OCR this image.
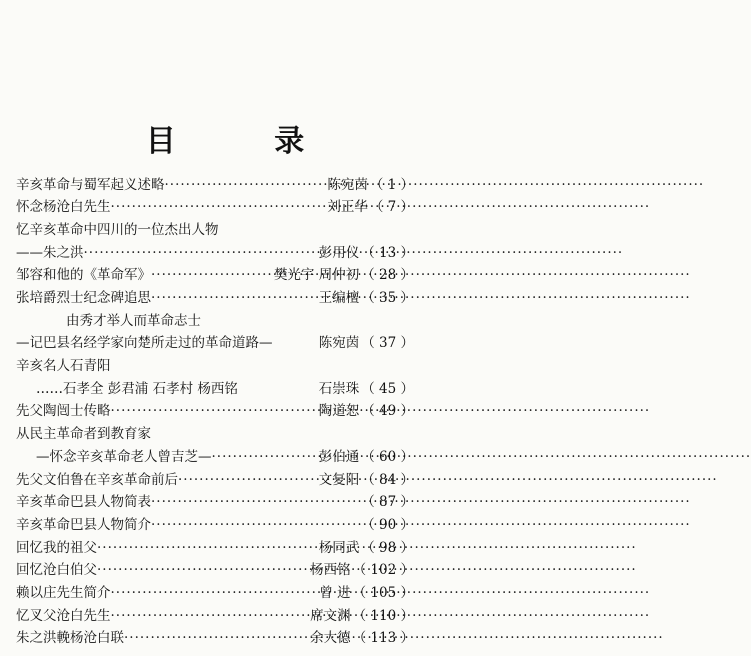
目 录
辛亥革命与蜀军起义述略 ·····	陈宛茵 （ 1 ）
怀念杨沧白先生 ·····	刘正华 （ 7 ）
忆辛亥革命中四川的一位杰出人物
——朱之洪 ·····	彭用仪 （ 13 ）
邹容和他的《革命军》 ·····	樊光宇 周仲初 （ 28 ）
张培爵烈士纪念碑追思 ·····	王编檀 （ 35 ）
由秀才举人而革命志士
—记巴县名经学家向楚所走过的革命道路—	陈宛茵 （ 37 ）
辛亥名人石青阳
……石孝全 彭君浦 石孝村 杨西铭	石崇珠 （ 45 ）
先父陶闿士传略 ·····	陶道恕 （ 49 ）
从民主革命者到教育家
—怀念辛亥革命老人曾吉芝— ·····	彭伯通 （ 60 ）
先父文伯鲁在辛亥革命前后 ·····	文复阳 （ 84 ）
辛亥革命巴县人物简表 ·····	（ 87 ）
辛亥革命巴县人物简介 ·····	（ 90 ）
回忆我的祖父 ·····	杨同武 （ 98 ）
回忆沧白伯父 ·····	杨西铭 （ 102 ）
赖以庄先生简介 ·····	曾 进 （ 105 ）
忆叉父沧白先生 ·····	席文渊 （ 110 ）
朱之洪輓杨沧白联 ·····	余大德 （ 113 ）
